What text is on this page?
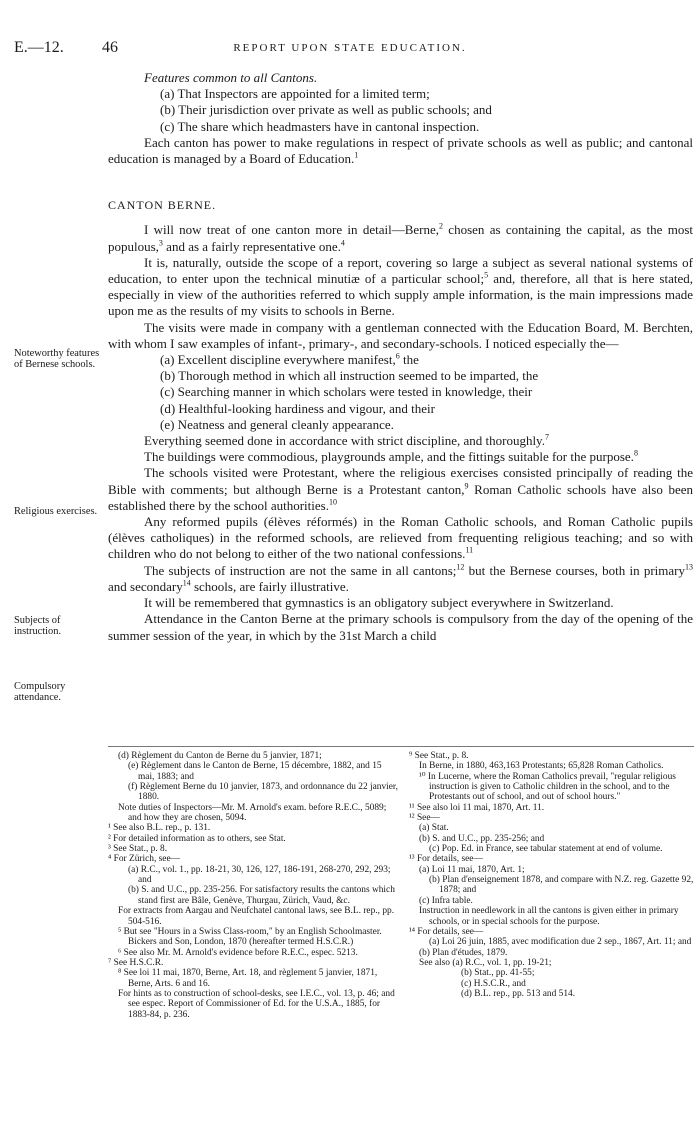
E.—12. 46	REPORT UPON STATE EDUCATION.

Features common to all Cantons.

(a) That Inspectors are appointed for a limited term;

(b) Their jurisdiction over private as well as public schools; and

(c) The share which headmasters have in cantonal inspection.

Each canton has power to make regulations in respect of private schools as well as public; and cantonal education is managed by a Board of Education.$^1$

CANTON BERNE.

I will now treat of one canton more in detail—Berne,$^2$ chosen as containing the capital, as the most populous,$^3$ and as a fairly representative one.$^4$

It is, naturally, outside the scope of a report, covering so large a subject as several national systems of education, to enter upon the technical minutiæ of a particular school;$^5$ and, therefore, all that is here stated, especially in view of the authorities referred to which supply ample information, is the main impressions made upon me as the results of my visits to schools in Berne.

The visits were made in company with a gentleman connected with the Education Board, M. Berchten, with whom I saw examples of infant-, primary-, and secondary-schools. I noticed especially the—

(a) Excellent discipline everywhere manifest,$^6$ the

(b) Thorough method in which all instruction seemed to be imparted, the

(c) Searching manner in which scholars were tested in knowledge, their

(d) Healthful-looking hardiness and vigour, and their

(e) Neatness and general cleanly appearance.

Everything seemed done in accordance with strict discipline, and thoroughly.$^7$

The buildings were commodious, playgrounds ample, and the fittings suitable for the purpose.$^8$

The schools visited were Protestant, where the religious exercises consisted principally of reading the Bible with comments; but although Berne is a Protestant canton,$^9$ Roman Catholic schools have also been established there by the school authorities.$^{10}$

Any reformed pupils (élèves réformés) in the Roman Catholic schools, and Roman Catholic pupils (élèves catholiques) in the reformed schools, are relieved from frequenting religious teaching; and so with children who do not belong to either of the two national confessions.$^{11}$

The subjects of instruction are not the same in all cantons;$^{12}$ but the Bernese courses, both in primary$^{13}$ and secondary$^{14}$ schools, are fairly illustrative.

It will be remembered that gymnastics is an obligatory subject everywhere in Switzerland.

Attendance in the Canton Berne at the primary schools is compulsory from the day of the opening of the summer session of the year, in which by the 31st March a child

Noteworthy features of Bernese schools.
Religious exercises.
Subjects of instruction.
Compulsory attendance.
(d) Règlement du Canton de Berne du 5 janvier, 1871;
(e) Règlement dans le Canton de Berne, 15 décembre, 1882, and 15 mai, 1883; and
(f) Règlement Berne du 10 janvier, 1873, and ordonnance du 22 janvier, 1880.
Note duties of Inspectors—Mr. M. Arnold's exam. before R.E.C., 5089; and how they are chosen, 5094.
¹ See also B.L. rep., p. 131.
² For detailed information as to others, see Stat.
³ See Stat., p. 8.
⁴ For Zürich, see—
(a) R.C., vol. 1., pp. 18-21, 30, 126, 127, 186-191, 268-270, 292, 293; and
(b) S. and U.C., pp. 235-256. For satisfactory results the cantons which stand first are Bâle, Genève, Thurgau, Zürich, Vaud, &c.
For extracts from Aargau and Neufchatel cantonal laws, see B.L. rep., pp. 504-516.
⁵ But see "Hours in a Swiss Class-room," by an English Schoolmaster. Bickers and Son, London, 1870 (hereafter termed H.S.C.R.)
⁶ See also Mr. M. Arnold's evidence before R.E.C., espec. 5213.
⁷ See H.S.C.R.
⁸ See loi 11 mai, 1870, Berne, Art. 18, and règlement 5 janvier, 1871, Berne, Arts. 6 and 16.
For hints as to construction of school-desks, see I.E.C., vol. 13, p. 46; and see espec. Report of Commissioner of Ed. for the U.S.A., 1885, for 1883-84, p. 236.
⁹ See Stat., p. 8.
In Berne, in 1880, 463,163 Protestants; 65,828 Roman Catholics.
¹⁰ In Lucerne, where the Roman Catholics prevail, "regular religious instruction is given to Catholic children in the school, and to the Protestants out of school, and out of school hours."
¹¹ See also loi 11 mai, 1870, Art. 11.
¹² See—
(a) Stat.
(b) S. and U.C., pp. 235-256; and
(c) Pop. Ed. in France, see tabular statement at end of volume.
¹³ For details, see—
(a) Loi 11 mai, 1870, Art. 1;
(b) Plan d'enseignement 1878, and compare with N.Z. reg. Gazette 92, 1878; and
(c) Infra table.
Instruction in needlework in all the cantons is given either in primary schools, or in special schools for the purpose.
¹⁴ For details, see—
(a) Loi 26 juin, 1885, avec modification due 2 sep., 1867, Art. 11; and
(b) Plan d'études, 1879.
See also (a) R.C., vol. 1, pp. 19-21;
(b) Stat., pp. 41-55;
(c) H.S.C.R., and
(d) B.L. rep., pp. 513 and 514.
